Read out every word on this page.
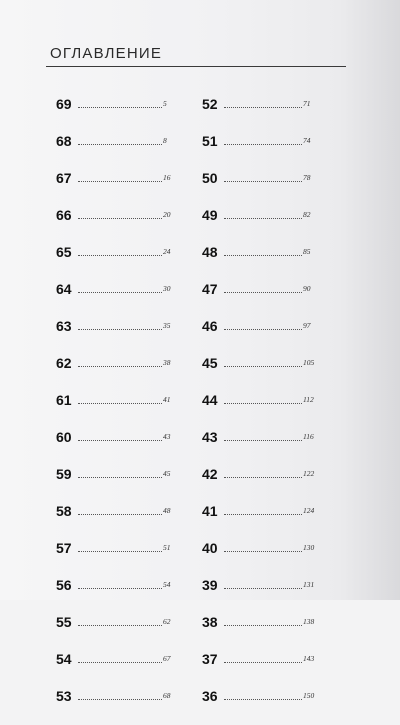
ОГЛАВЛЕНИЕ
69	5
68	8
67	16
66	20
65	24
64	30
63	35
62	38
61	41
60	43
59	45
58	48
57	51
56	54
55	62
54	67
53	68
52	71
51	74
50	78
49	82
48	85
47	90
46	97
45	105
44	112
43	116
42	122
41	124
40	130
39	131
38	138
37	143
36	150
